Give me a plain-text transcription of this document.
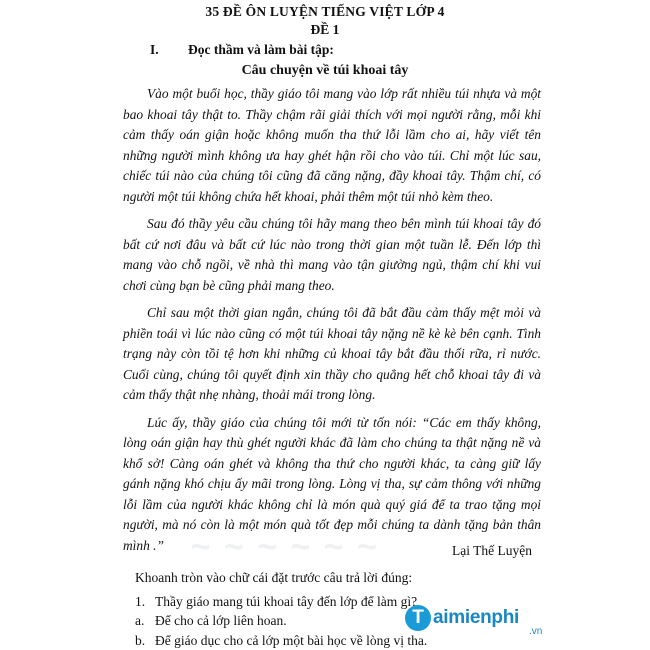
~ ~ ~ ~ ~ ~
35 ĐỀ ÔN LUYỆN TIẾNG VIỆT LỚP 4
ĐỀ 1
I. Đọc thầm và làm bài tập:
Câu chuyện về túi khoai tây

Vào một buổi học, thầy giáo tôi mang vào lớp rất nhiều túi nhựa và một bao khoai tây thật to. Thầy chậm rãi giải thích với mọi người rằng, mỗi khi cảm thấy oán giận hoặc không muốn tha thứ lỗi lầm cho ai, hãy viết tên những người mình không ưa hay ghét hận rồi cho vào túi. Chỉ một lúc sau, chiếc túi nào của chúng tôi cũng đã căng nặng, đầy khoai tây. Thậm chí, có người một túi không chứa hết khoai, phải thêm một túi nhỏ kèm theo.

Sau đó thầy yêu cầu chúng tôi hãy mang theo bên mình túi khoai tây đó bất cứ nơi đâu và bất cứ lúc nào trong thời gian một tuần lễ. Đến lớp thì mang vào chỗ ngồi, về nhà thì mang vào tận giường ngủ, thậm chí khi vui chơi cùng bạn bè cũng phải mang theo.

Chỉ sau một thời gian ngắn, chúng tôi đã bắt đầu cảm thấy mệt mỏi và phiền toái vì lúc nào cũng có một túi khoai tây nặng nề kè kè bên cạnh. Tình trạng này còn tồi tệ hơn khi những củ khoai tây bắt đầu thối rữa, rỉ nước. Cuối cùng, chúng tôi quyết định xin thầy cho quẳng hết chỗ khoai tây đi và cảm thấy thật nhẹ nhàng, thoải mái trong lòng.

Lúc ấy, thầy giáo của chúng tôi mới từ tốn nói: “Các em thấy không, lòng oán giận hay thù ghét người khác đã làm cho chúng ta thật nặng nề và khổ sở! Càng oán ghét và không tha thứ cho người khác, ta càng giữ lấy gánh nặng khó chịu ấy mãi trong lòng. Lòng vị tha, sự cảm thông với những lỗi lầm của người khác không chỉ là món quà quý giá để ta trao tặng mọi người, mà nó còn là một món quà tốt đẹp mỗi chúng ta dành tặng bản thân mình .”	Lại Thế Luyện
Khoanh tròn vào chữ cái đặt trước câu trả lời đúng:
1. Thầy giáo mang túi khoai tây đến lớp để làm gì?
a. Để cho cả lớp liên hoan.
b. Để giáo dục cho cả lớp một bài học về lòng vị tha.
T aimienphi
.vn
